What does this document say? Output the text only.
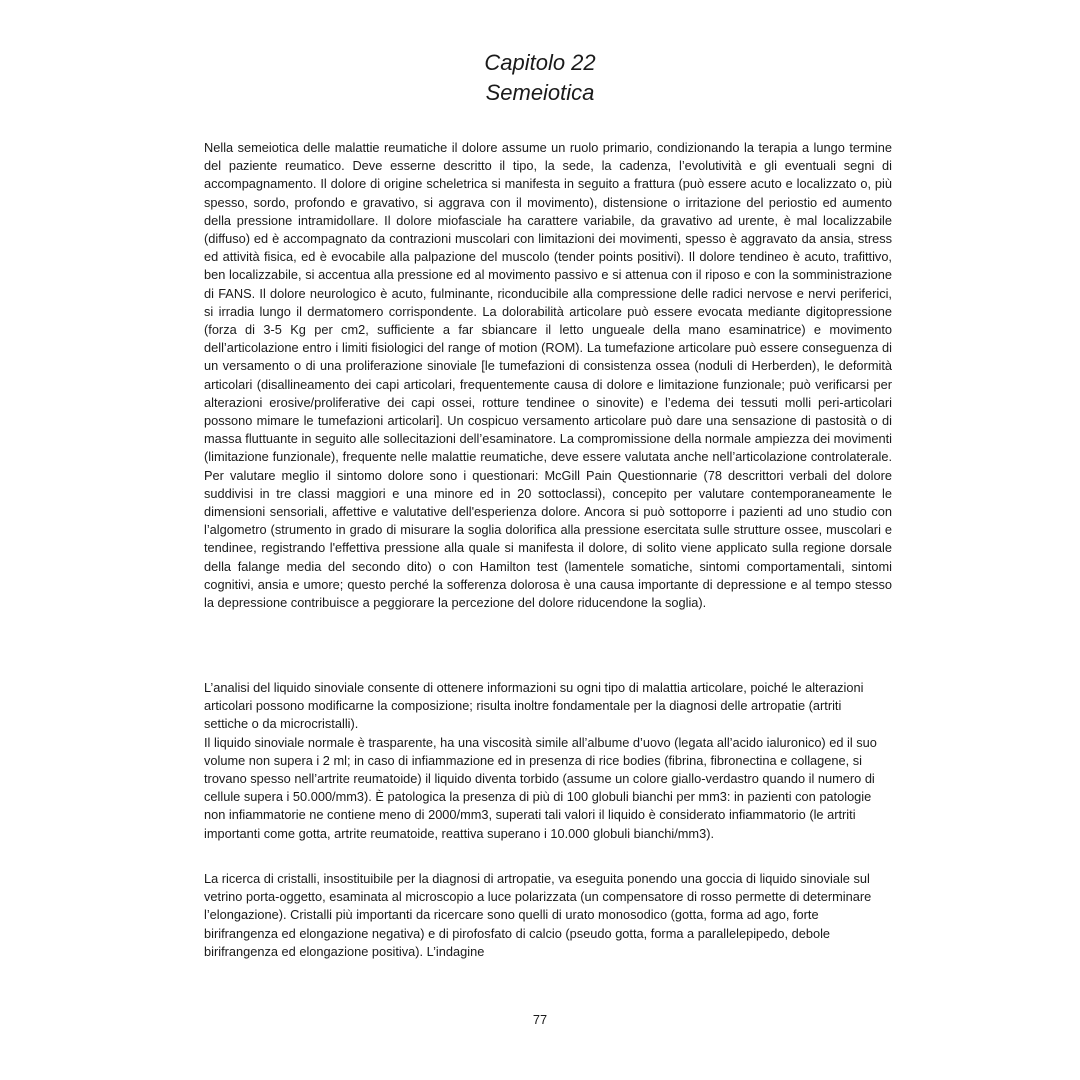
Capitolo 22
Semeiotica

Nella semeiotica delle malattie reumatiche il dolore assume un ruolo primario, condizionando la terapia a lungo termine del paziente reumatico. Deve esserne descritto il tipo, la sede, la cadenza, l’evolutività e gli eventuali segni di accompagnamento. Il dolore di origine scheletrica si manifesta in seguito a frattura (può essere acuto e localizzato o, più spesso, sordo, profondo e gravativo, si aggrava con il movimento), distensione o irritazione del periostio ed aumento della pressione intramidollare. Il dolore miofasciale ha carattere variabile, da gravativo ad urente, è mal localizzabile (diffuso) ed è accompagnato da contrazioni muscolari con limitazioni dei movimenti, spesso è aggravato da ansia, stress ed attività fisica, ed è evocabile alla palpazione del muscolo (tender points positivi). Il dolore tendineo è acuto, trafittivo, ben localizzabile, si accentua alla pressione ed al movimento passivo e si attenua con il riposo e con la somministrazione di FANS. Il dolore neurologico è acuto, fulminante, riconducibile alla compressione delle radici nervose e nervi periferici, si irradia lungo il dermatomero corrispondente. La dolorabilità articolare può essere evocata mediante digitopressione (forza di 3-5 Kg per cm2, sufficiente a far sbiancare il letto ungueale della mano esaminatrice) e movimento dell’articolazione entro i limiti fisiologici del range of motion (ROM). La tumefazione articolare può essere conseguenza di un versamento o di una proliferazione sinoviale [le tumefazioni di consistenza ossea (noduli di Herberden), le deformità articolari (disallineamento dei capi articolari, frequentemente causa di dolore e limitazione funzionale; può verificarsi per alterazioni erosive/proliferative dei capi ossei, rotture tendinee o sinovite) e l’edema dei tessuti molli peri-articolari possono mimare le tumefazioni articolari]. Un cospicuo versamento articolare può dare una sensazione di pastosità o di massa fluttuante in seguito alle sollecitazioni dell’esaminatore. La compromissione della normale ampiezza dei movimenti (limitazione funzionale), frequente nelle malattie reumatiche, deve essere valutata anche nell’articolazione controlaterale. Per valutare meglio il sintomo dolore sono i questionari: McGill Pain Questionnarie (78 descrittori verbali del dolore suddivisi in tre classi maggiori e una minore ed in 20 sottoclassi), concepito per valutare contemporaneamente le dimensioni sensoriali, affettive e valutative dell'esperienza dolore. Ancora si può sottoporre i pazienti ad uno studio con l’algometro (strumento in grado di misurare la soglia dolorifica alla pressione esercitata sulle strutture ossee, muscolari e tendinee, registrando l'effettiva pressione alla quale si manifesta il dolore, di solito viene applicato sulla regione dorsale della falange media del secondo dito) o con Hamilton test (lamentele somatiche, sintomi comportamentali, sintomi cognitivi, ansia e umore; questo perché la sofferenza dolorosa è una causa importante di depressione e al tempo stesso la depressione contribuisce a peggiorare la percezione del dolore riducendone la soglia).

L’analisi del liquido sinoviale consente di ottenere informazioni su ogni tipo di malattia articolare, poiché le alterazioni articolari possono modificarne la composizione; risulta inoltre fondamentale per la diagnosi delle artropatie (artriti settiche o da microcristalli).
Il liquido sinoviale normale è trasparente, ha una viscosità simile all’albume d’uovo (legata all’acido ialuronico) ed il suo volume non supera i 2 ml; in caso di infiammazione ed in presenza di rice bodies (fibrina, fibronectina e collagene, si trovano spesso nell’artrite reumatoide) il liquido diventa torbido (assume un colore giallo-verdastro quando il numero di cellule supera i 50.000/mm3). È patologica la presenza di più di 100 globuli bianchi per mm3: in pazienti con patologie non infiammatorie ne contiene meno di 2000/mm3, superati tali valori il liquido è considerato infiammatorio (le artriti importanti come gotta, artrite reumatoide, reattiva superano i 10.000 globuli bianchi/mm3).

La ricerca di cristalli, insostituibile per la diagnosi di artropatie, va eseguita ponendo una goccia di liquido sinoviale sul vetrino porta-oggetto, esaminata al microscopio a luce polarizzata (un compensatore di rosso permette di determinare l’elongazione). Cristalli più importanti da ricercare sono quelli di urato monosodico (gotta, forma ad ago, forte birifrangenza ed elongazione negativa) e di pirofosfato di calcio (pseudo gotta, forma a parallelepipedo, debole birifrangenza ed elongazione positiva). L’indagine

77
